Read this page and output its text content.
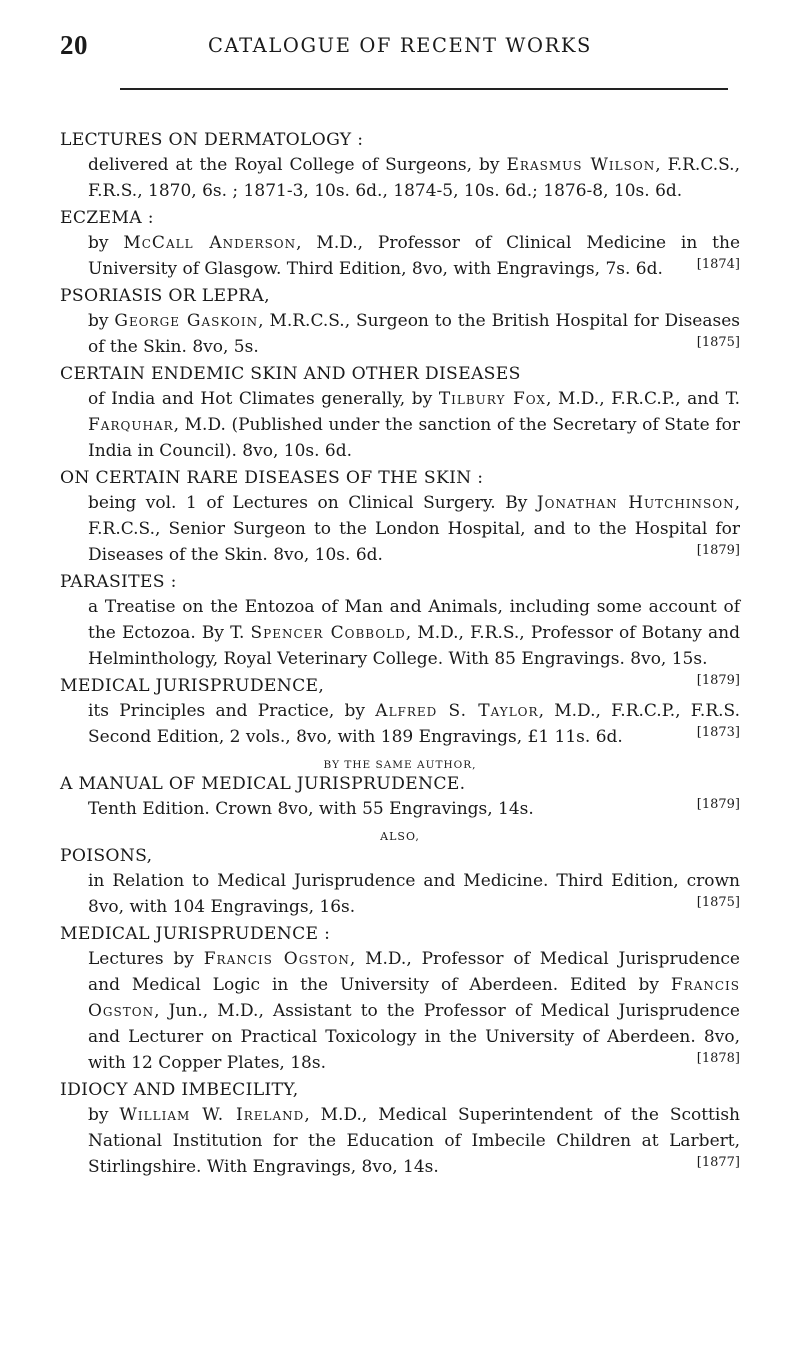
20	CATALOGUE OF RECENT WORKS
LECTURES ON DERMATOLOGY :
delivered at the Royal College of Surgeons, by Erasmus Wilson, F.R.C.S., F.R.S., 1870, 6s. ; 1871-3, 10s. 6d., 1874-5, 10s. 6d.; 1876-8, 10s. 6d.
ECZEMA :
by McCall Anderson, M.D., Professor of Clinical Medicine in the University of Glasgow. Third Edition, 8vo, with Engravings, 7s. 6d.	[1874]
PSORIASIS OR LEPRA,
by George Gaskoin, M.R.C.S., Surgeon to the British Hospital for Diseases of the Skin. 8vo, 5s.	[1875]
CERTAIN ENDEMIC SKIN AND OTHER DISEASES
of India and Hot Climates generally, by Tilbury Fox, M.D., F.R.C.P., and T. Farquhar, M.D. (Published under the sanction of the Secretary of State for India in Council). 8vo, 10s. 6d.
ON CERTAIN RARE DISEASES OF THE SKIN :
being vol. 1 of Lectures on Clinical Surgery. By Jonathan Hutchinson, F.R.C.S., Senior Surgeon to the London Hospital, and to the Hospital for Diseases of the Skin. 8vo, 10s. 6d.	[1879]
PARASITES :
a Treatise on the Entozoa of Man and Animals, including some account of the Ectozoa. By T. Spencer Cobbold, M.D., F.R.S., Professor of Botany and Helminthology, Royal Veterinary College. With 85 Engravings. 8vo, 15s.
[1879]
MEDICAL JURISPRUDENCE,
its Principles and Practice, by Alfred S. Taylor, M.D., F.R.C.P., F.R.S. Second Edition, 2 vols., 8vo, with 189 Engravings, £1 11s. 6d.	[1873]
BY THE SAME AUTHOR,
A MANUAL OF MEDICAL JURISPRUDENCE.
Tenth Edition. Crown 8vo, with 55 Engravings, 14s.	[1879]
ALSO,
POISONS,
in Relation to Medical Jurisprudence and Medicine. Third Edition, crown 8vo, with 104 Engravings, 16s.	[1875]
MEDICAL JURISPRUDENCE :
Lectures by Francis Ogston, M.D., Professor of Medical Jurisprudence and Medical Logic in the University of Aberdeen. Edited by Francis Ogston, Jun., M.D., Assistant to the Professor of Medical Jurisprudence and Lecturer on Practical Toxicology in the University of Aberdeen. 8vo, with 12 Copper Plates, 18s.	[1878]
IDIOCY AND IMBECILITY,
by William W. Ireland, M.D., Medical Superintendent of the Scottish National Institution for the Education of Imbecile Children at Larbert, Stirlingshire. With Engravings, 8vo, 14s.	[1877]
